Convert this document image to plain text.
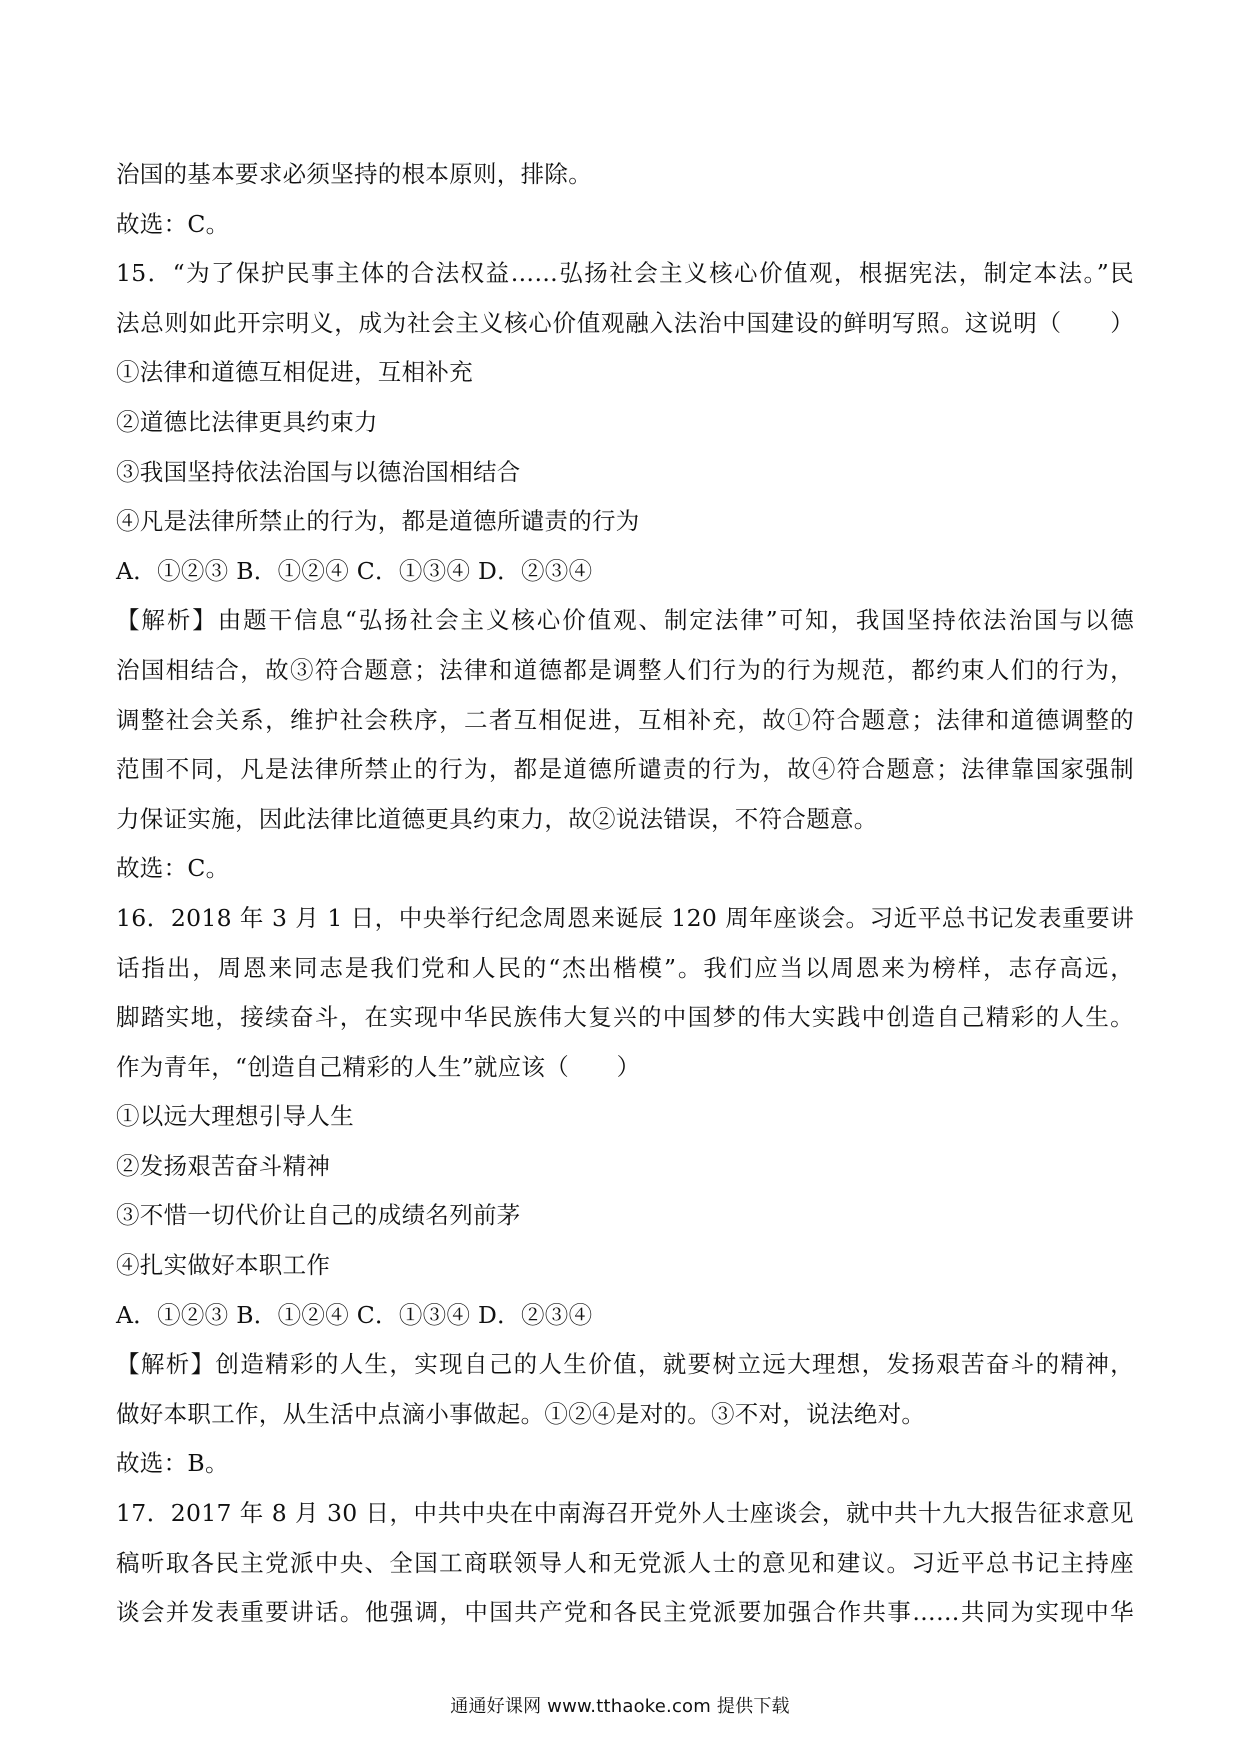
治国的基本要求必须坚持的根本原则，排除。
故选：C。
15．“为了保护民事主体的合法权益……弘扬社会主义核心价值观，根据宪法，制定本法。”民
法总则如此开宗明义，成为社会主义核心价值观融入法治中国建设的鲜明写照。这说明（　　）
①法律和道德互相促进，互相补充
②道德比法律更具约束力
③我国坚持依法治国与以德治国相结合
④凡是法律所禁止的行为，都是道德所谴责的行为
A．①②③ B．①②④ C．①③④ D．②③④
【解析】由题干信息“弘扬社会主义核心价值观、制定法律”可知，我国坚持依法治国与以德
治国相结合，故③符合题意；法律和道德都是调整人们行为的行为规范，都约束人们的行为，
调整社会关系，维护社会秩序，二者互相促进，互相补充，故①符合题意；法律和道德调整的
范围不同，凡是法律所禁止的行为，都是道德所谴责的行为，故④符合题意；法律靠国家强制
力保证实施，因此法律比道德更具约束力，故②说法错误，不符合题意。
故选：C。
16．2018 年 3 月 1 日，中央举行纪念周恩来诞辰 120 周年座谈会。习近平总书记发表重要讲
话指出，周恩来同志是我们党和人民的“杰出楷模”。我们应当以周恩来为榜样，志存高远，
脚踏实地，接续奋斗，在实现中华民族伟大复兴的中国梦的伟大实践中创造自己精彩的人生。
作为青年，“创造自己精彩的人生”就应该（　　）
①以远大理想引导人生
②发扬艰苦奋斗精神
③不惜一切代价让自己的成绩名列前茅
④扎实做好本职工作
A．①②③ B．①②④ C．①③④ D．②③④
【解析】创造精彩的人生，实现自己的人生价值，就要树立远大理想，发扬艰苦奋斗的精神，
做好本职工作，从生活中点滴小事做起。①②④是对的。③不对，说法绝对。
故选：B。
17．2017 年 8 月 30 日，中共中央在中南海召开党外人士座谈会，就中共十九大报告征求意见
稿听取各民主党派中央、全国工商联领导人和无党派人士的意见和建议。习近平总书记主持座
谈会并发表重要讲话。他强调，中国共产党和各民主党派要加强合作共事……共同为实现中华
通通好课网 www.tthaoke.com 提供下载
